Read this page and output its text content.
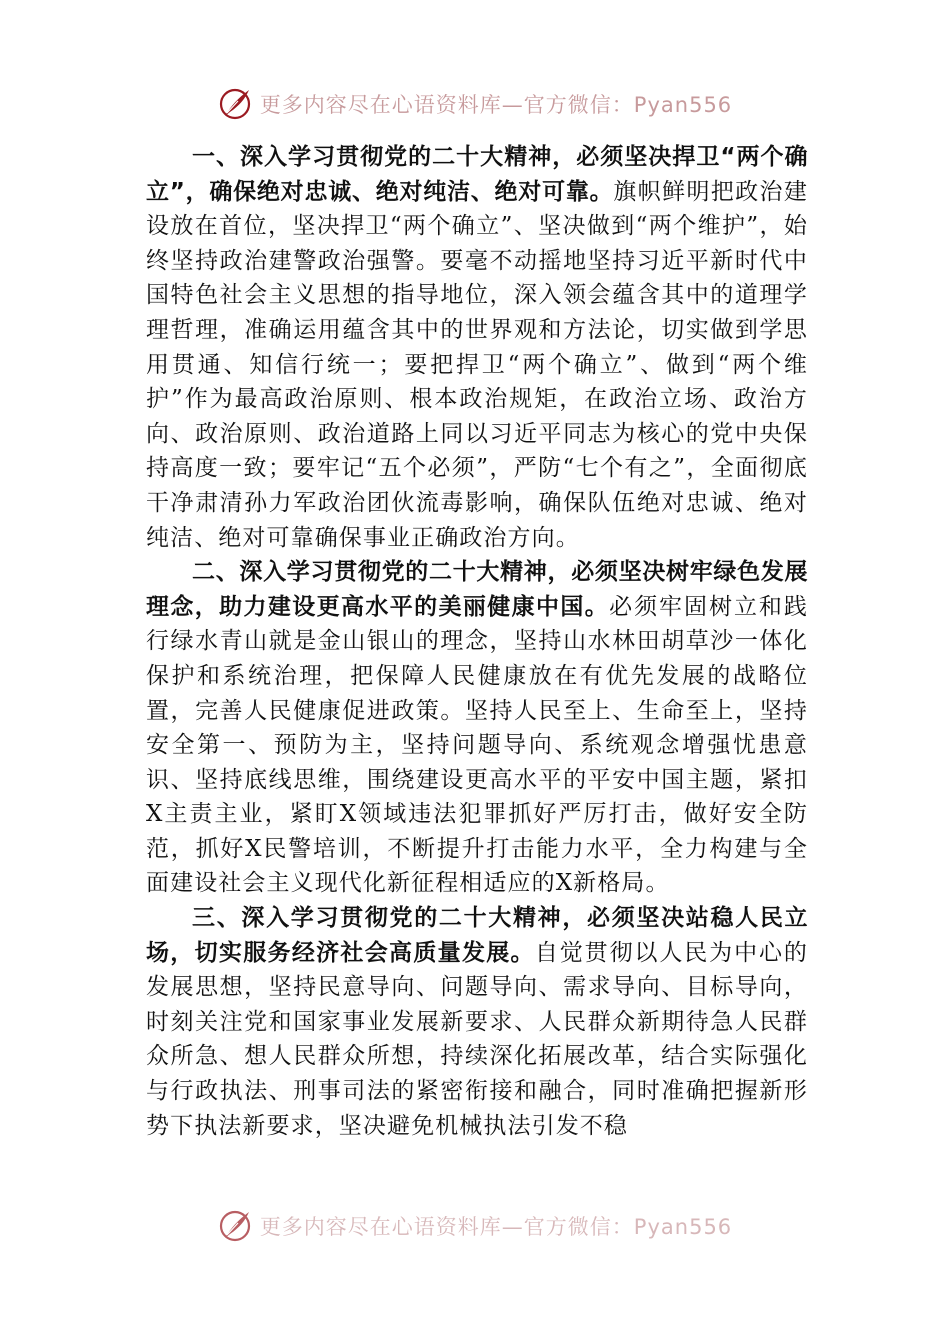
更多内容尽在心语资料库—官方微信：Pyan556

一、深入学习贯彻党的二十大精神，必须坚决捍卫“两个确立”，确保绝对忠诚、绝对纯洁、绝对可靠。旗帜鲜明把政治建设放在首位，坚决捍卫“两个确立”、坚决做到“两个维护”，始终坚持政治建警政治强警。要毫不动摇地坚持习近平新时代中国特色社会主义思想的指导地位，深入领会蕴含其中的道理学理哲理，准确运用蕴含其中的世界观和方法论，切实做到学思用贯通、知信行统一；要把捍卫“两个确立”、做到“两个维护”作为最高政治原则、根本政治规矩，在政治立场、政治方向、政治原则、政治道路上同以习近平同志为核心的党中央保持高度一致；要牢记“五个必须”，严防“七个有之”，全面彻底干净肃清孙力军政治团伙流毒影响，确保队伍绝对忠诚、绝对纯洁、绝对可靠确保事业正确政治方向。

二、深入学习贯彻党的二十大精神，必须坚决树牢绿色发展理念，助力建设更高水平的美丽健康中国。必须牢固树立和践行绿水青山就是金山银山的理念，坚持山水林田胡草沙一体化保护和系统治理，把保障人民健康放在有优先发展的战略位置，完善人民健康促进政策。坚持人民至上、生命至上，坚持安全第一、预防为主，坚持问题导向、系统观念增强忧患意识、坚持底线思维，围绕建设更高水平的平安中国主题，紧扣X主责主业，紧盯X领域违法犯罪抓好严厉打击，做好安全防范，抓好X民警培训，不断提升打击能力水平，全力构建与全面建设社会主义现代化新征程相适应的X新格局。

三、深入学习贯彻党的二十大精神，必须坚决站稳人民立场，切实服务经济社会高质量发展。自觉贯彻以人民为中心的发展思想，坚持民意导向、问题导向、需求导向、目标导向，时刻关注党和国家事业发展新要求、人民群众新期待急人民群众所急、想人民群众所想，持续深化拓展改革，结合实际强化与行政执法、刑事司法的紧密衔接和融合，同时准确把握新形势下执法新要求，坚决避免机械执法引发不稳

更多内容尽在心语资料库—官方微信：Pyan556
